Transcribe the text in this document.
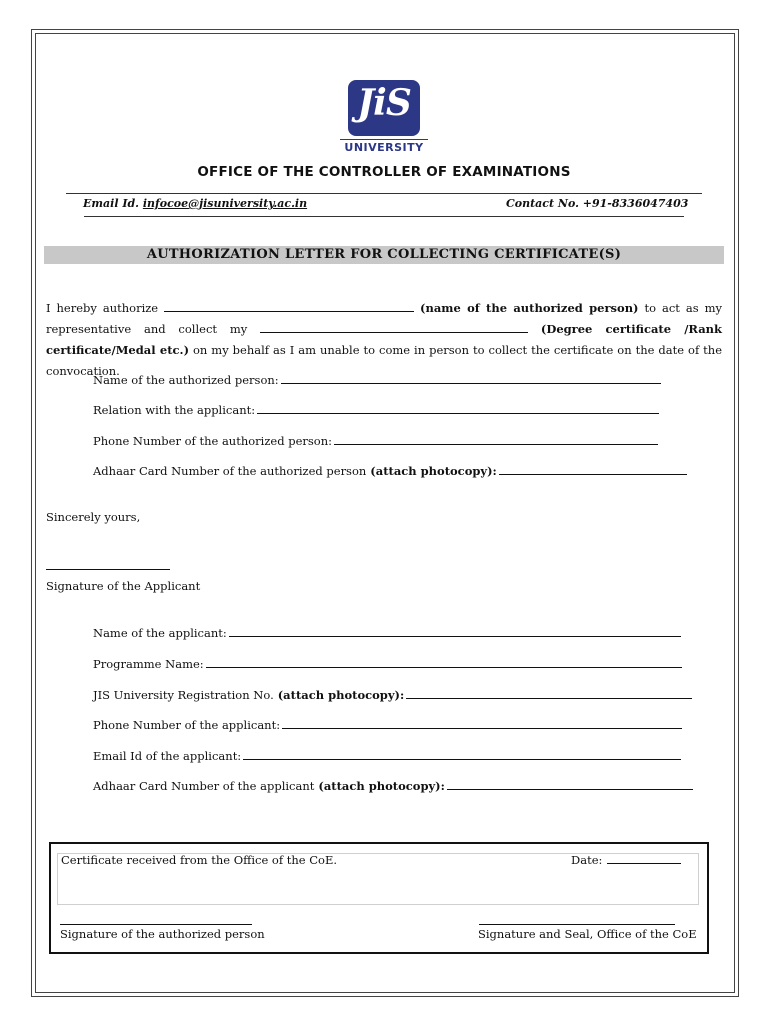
JiS
UNIVERSITY
OFFICE OF THE CONTROLLER OF EXAMINATIONS
Email Id. infocoe@jisuniversity.ac.in	Contact No. +91-8336047403
AUTHORIZATION LETTER FOR COLLECTING CERTIFICATE(S)
I hereby authorize	(name of the authorized person) to act as my representative and collect my	(Degree certificate /Rank certificate/Medal etc.) on my behalf as I am unable to come in person to collect the certificate on the date of the convocation.
Name of the authorized person:
Relation with the applicant:
Phone Number of the authorized person:
Adhaar Card Number of the authorized person (attach photocopy):
Sincerely yours,
Signature of the Applicant
Name of the applicant:
Programme Name:
JIS University Registration No. (attach photocopy):
Phone Number of the applicant:
Email Id of the applicant:
Adhaar Card Number of the applicant (attach photocopy):
Certificate received from the Office of the CoE.	Date:
Signature of the authorized person	Signature and Seal, Office of the CoE
